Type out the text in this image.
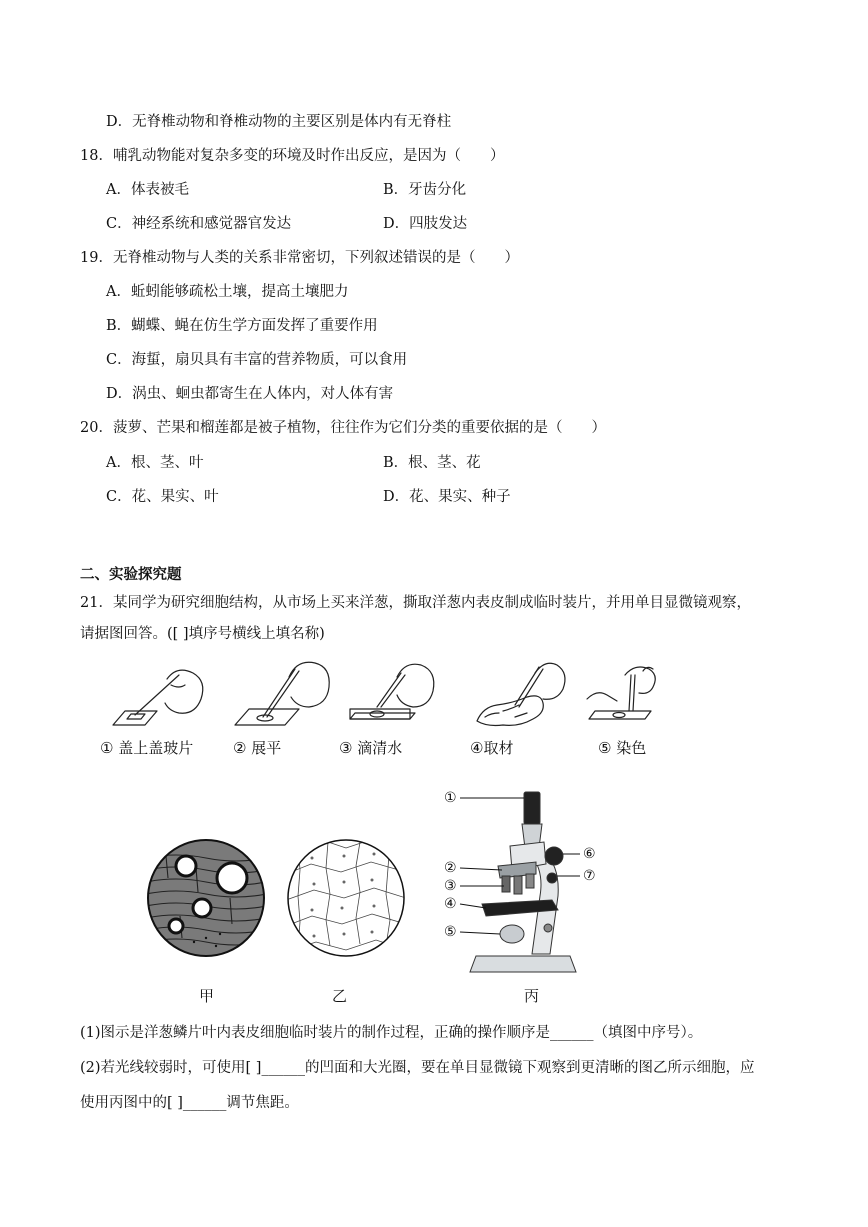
D．无脊椎动物和脊椎动物的主要区别是体内有无脊柱
18．哺乳动物能对复杂多变的环境及时作出反应，是因为（　　）
A．体表被毛	B．牙齿分化
C．神经系统和感觉器官发达	D．四肢发达
19．无脊椎动物与人类的关系非常密切，下列叙述错误的是（　　）
A．蚯蚓能够疏松土壤，提高土壤肥力
B．蝴蝶、蝇在仿生学方面发挥了重要作用
C．海蜇，扇贝具有丰富的营养物质，可以食用
D．涡虫、蛔虫都寄生在人体内，对人体有害
20．菠萝、芒果和榴莲都是被子植物，往往作为它们分类的重要依据的是（　　）
A．根、茎、叶	B．根、茎、花
C．花、果实、叶	D．花、果实、种子
二、实验探究题
21．某同学为研究细胞结构，从市场上买来洋葱，撕取洋葱内表皮制成临时装片，并用单目显微镜观察，
请据图回答。([ ]填序号横线上填名称)
① 盖上盖玻片	② 展平	③ 滴清水	④取材	⑤ 染色
①
②
③
④
⑤
⑥
⑦
甲	乙	丙
(1)图示是洋葱鳞片叶内表皮细胞临时装片的制作过程，正确的操作顺序是______（填图中序号）。
(2)若光线较弱时，可使用[ ]______的凹面和大光圈，要在单目显微镜下观察到更清晰的图乙所示细胞，应
使用丙图中的[ ]______调节焦距。
